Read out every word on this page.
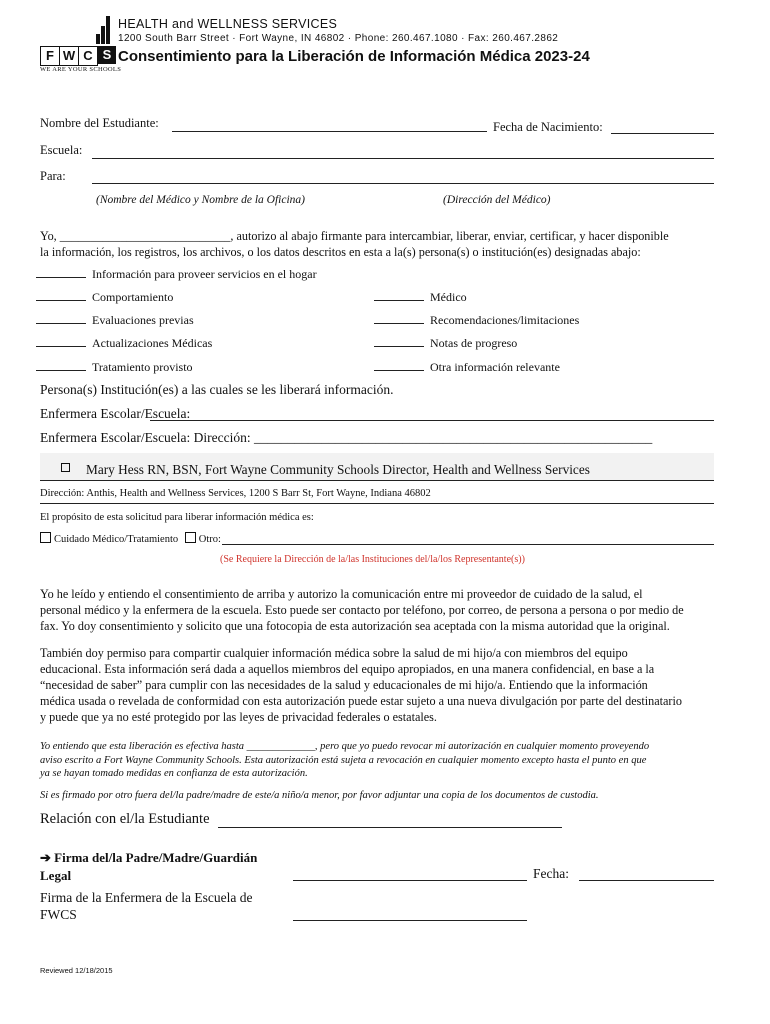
F W C S
WE ARE YOUR SCHOOLS
HEALTH and WELLNESS SERVICES
1200 South Barr Street · Fort Wayne, IN 46802 · Phone: 260.467.1080 · Fax: 260.467.2862
Consentimiento para la Liberación de Información Médica 2023-24
Nombre del Estudiante:	Fecha de Nacimiento:
Escuela:
Para:
(Nombre del Médico y Nombre de la Oficina)	(Dirección del Médico)
Yo, ____________________________, autorizo al abajo firmante para intercambiar, liberar, enviar, certificar, y hacer disponible
la información, los registros, los archivos, o los datos descritos en esta a la(s) persona(s) o institución(es) designadas abajo:
Información para proveer servicios en el hogar
Comportamiento	Médico
Evaluaciones previas	Recomendaciones/limitaciones
Actualizaciones Médicas	Notas de progreso
Tratamiento provisto	Otra información relevante
Persona(s) Institución(es) a las cuales se les liberará información.
Enfermera Escolar/Escuela:
Enfermera Escolar/Escuela: Dirección: ___________________________________________________________
Mary Hess RN, BSN, Fort Wayne Community Schools Director, Health and Wellness Services
Dirección: Anthis, Health and Wellness Services, 1200 S Barr St, Fort Wayne, Indiana 46802
El propósito de esta solicitud para liberar información médica es:
Cuidado Médico/Tratamiento Otro:
(Se Requiere la Dirección de la/las Instituciones del/la/los Representante(s))
Yo he leído y entiendo el consentimiento de arriba y autorizo la comunicación entre mi proveedor de cuidado de la salud, el
personal médico y la enfermera de la escuela. Esto puede ser contacto por teléfono, por correo, de persona a persona o por medio de
fax. Yo doy consentimiento y solicito que una fotocopia de esta autorización sea aceptada con la misma autoridad que la original.
También doy permiso para compartir cualquier información médica sobre la salud de mi hijo/a con miembros del equipo
educacional. Esta información será dada a aquellos miembros del equipo apropiados, en una manera confidencial, en base a la
“necesidad de saber” para cumplir con las necesidades de la salud y educacionales de mi hijo/a. Entiendo que la información
médica usada o revelada de conformidad con esta autorización puede estar sujeto a una nueva divulgación por parte del destinatario
y puede que ya no esté protegido por las leyes de privacidad federales o estatales.
Yo entiendo que esta liberación es efectiva hasta _____________, pero que yo puedo revocar mi autorización en cualquier momento proveyendo
aviso escrito a Fort Wayne Community Schools. Esta autorización está sujeta a revocación en cualquier momento excepto hasta el punto en que
ya se hayan tomado medidas en confianza de esta autorización.
Si es firmado por otro fuera del/la padre/madre de este/a niño/a menor, por favor adjuntar una copia de los documentos de custodia.
Relación con el/la Estudiante
➔ Firma del/la Padre/Madre/Guardián
Legal	Fecha:
Firma de la Enfermera de la Escuela de
FWCS
Reviewed 12/18/2015
